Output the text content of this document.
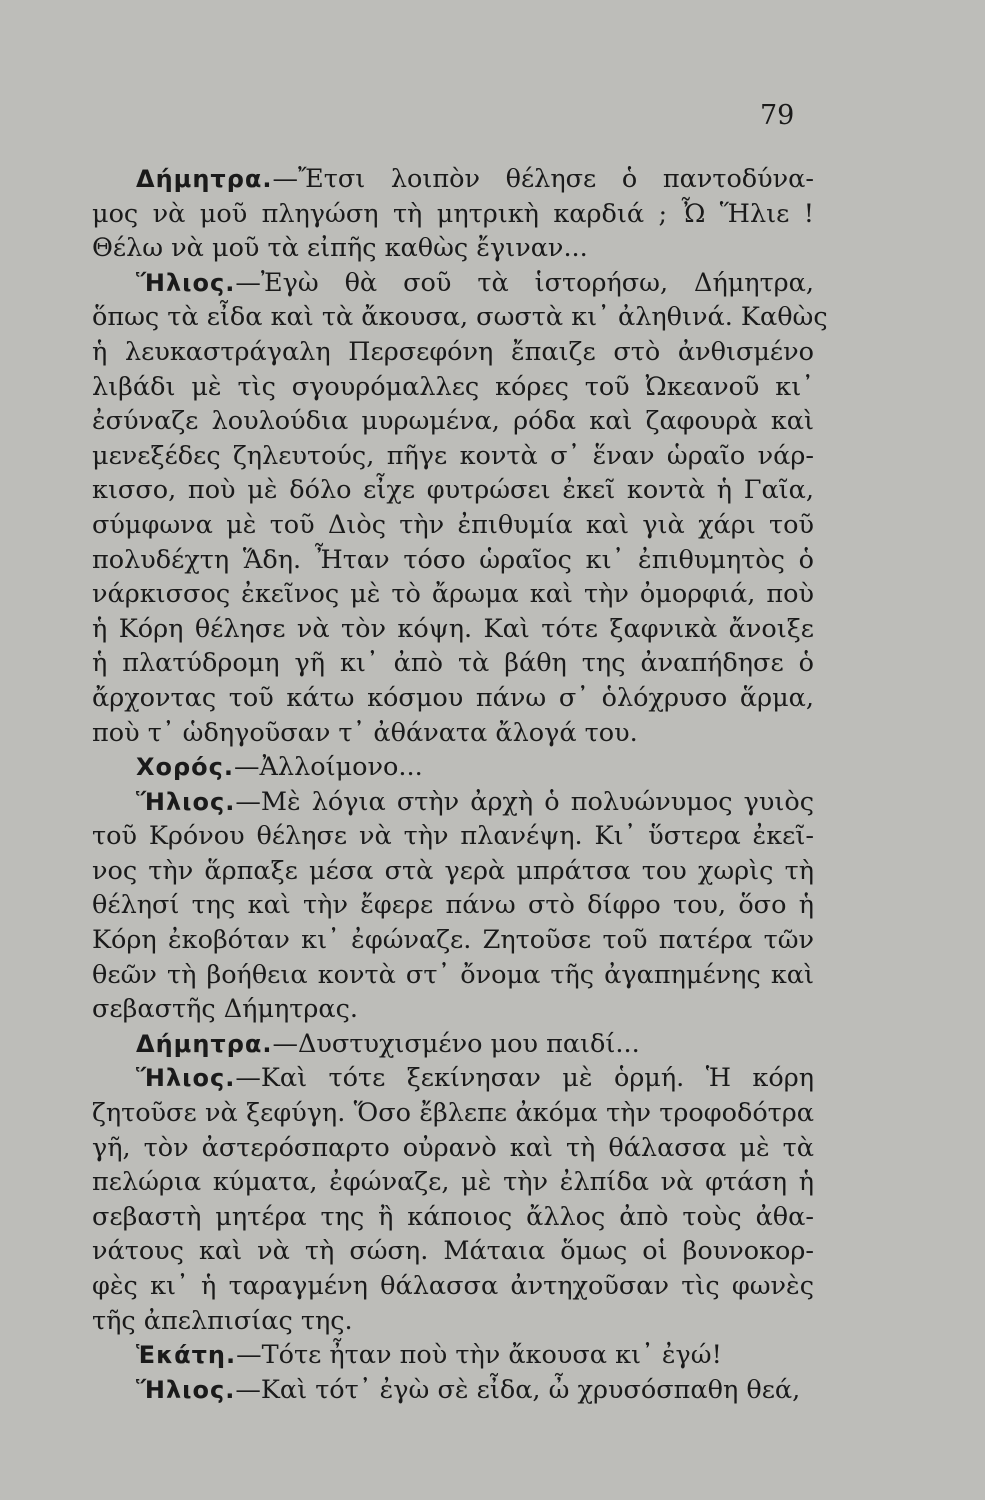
79
Δήμητρα.—Ἔτσι λοιπὸν θέλησε ὁ παντοδύνα-
μος νὰ μοῦ πληγώση τὴ μητρικὴ καρδιά ; Ὦ Ἥλιε !
Θέλω νὰ μοῦ τὰ εἰπῆς καθὼς ἔγιναν...
Ἥλιος.—Ἐγὼ θὰ σοῦ τὰ ἱστορήσω, Δήμητρα,
ὅπως τὰ εἶδα καὶ τὰ ἄκουσα, σωστὰ κι᾽ ἀληθινά. Καθὼς
ἡ λευκαστράγαλη Περσεφόνη ἔπαιζε στὸ ἀνθισμένο
λιβάδι μὲ τὶς σγουρόμαλλες κόρες τοῦ Ὠκεανοῦ κι᾽
ἐσύναζε λουλούδια μυρωμένα, ρόδα καὶ ζαφουρὰ καὶ
μενεξέδες ζηλευτούς, πῆγε κοντὰ σ᾽ ἕναν ὡραῖο νάρ-
κισσο, ποὺ μὲ δόλο εἶχε φυτρώσει ἐκεῖ κοντὰ ἡ Γαῖα,
σύμφωνα μὲ τοῦ Διὸς τὴν ἐπιθυμία καὶ γιὰ χάρι τοῦ
πολυδέχτη Ἅδη. Ἦταν τόσο ὡραῖος κι᾽ ἐπιθυμητὸς ὁ
νάρκισσος ἐκεῖνος μὲ τὸ ἄρωμα καὶ τὴν ὀμορφιά, ποὺ
ἡ Κόρη θέλησε νὰ τὸν κόψη. Καὶ τότε ξαφνικὰ ἄνοιξε
ἡ πλατύδρομη γῆ κι᾽ ἀπὸ τὰ βάθη της ἀναπήδησε ὁ
ἄρχοντας τοῦ κάτω κόσμου πάνω σ᾽ ὁλόχρυσο ἅρμα,
ποὺ τ᾽ ὡδηγοῦσαν τ᾽ ἀθάνατα ἄλογά του.
Χορός.—Ἀλλοίμονο...
Ἥλιος.—Μὲ λόγια στὴν ἀρχὴ ὁ πολυώνυμος γυιὸς
τοῦ Κρόνου θέλησε νὰ τὴν πλανέψη. Κι᾽ ὕστερα ἐκεῖ-
νος τὴν ἅρπαξε μέσα στὰ γερὰ μπράτσα του χωρὶς τὴ
θέλησί της καὶ τὴν ἔφερε πάνω στὸ δίφρο του, ὅσο ἡ
Κόρη ἐκοβόταν κι᾽ ἐφώναζε. Ζητοῦσε τοῦ πατέρα τῶν
θεῶν τὴ βοήθεια κοντὰ στ᾽ ὄνομα τῆς ἀγαπημένης καὶ
σεβαστῆς Δήμητρας.
Δήμητρα.—Δυστυχισμένο μου παιδί...
Ἥλιος.—Καὶ τότε ξεκίνησαν μὲ ὁρμή. Ἡ κόρη
ζητοῦσε νὰ ξεφύγη. Ὅσο ἔβλεπε ἀκόμα τὴν τροφοδότρα
γῆ, τὸν ἀστερόσπαρτο οὐρανὸ καὶ τὴ θάλασσα μὲ τὰ
πελώρια κύματα, ἐφώναζε, μὲ τὴν ἐλπίδα νὰ φτάση ἡ
σεβαστὴ μητέρα της ἢ κάποιος ἄλλος ἀπὸ τοὺς ἀθα-
νάτους καὶ νὰ τὴ σώση. Μάταια ὅμως οἱ βουνοκορ-
φὲς κι᾽ ἡ ταραγμένη θάλασσα ἀντηχοῦσαν τὶς φωνὲς
τῆς ἀπελπισίας της.
Ἑκάτη.—Τότε ἦταν ποὺ τὴν ἄκουσα κι᾽ ἐγώ!
Ἥλιος.—Καὶ τότ᾽ ἐγὼ σὲ εἶδα, ὦ χρυσόσπαθη θεά,
